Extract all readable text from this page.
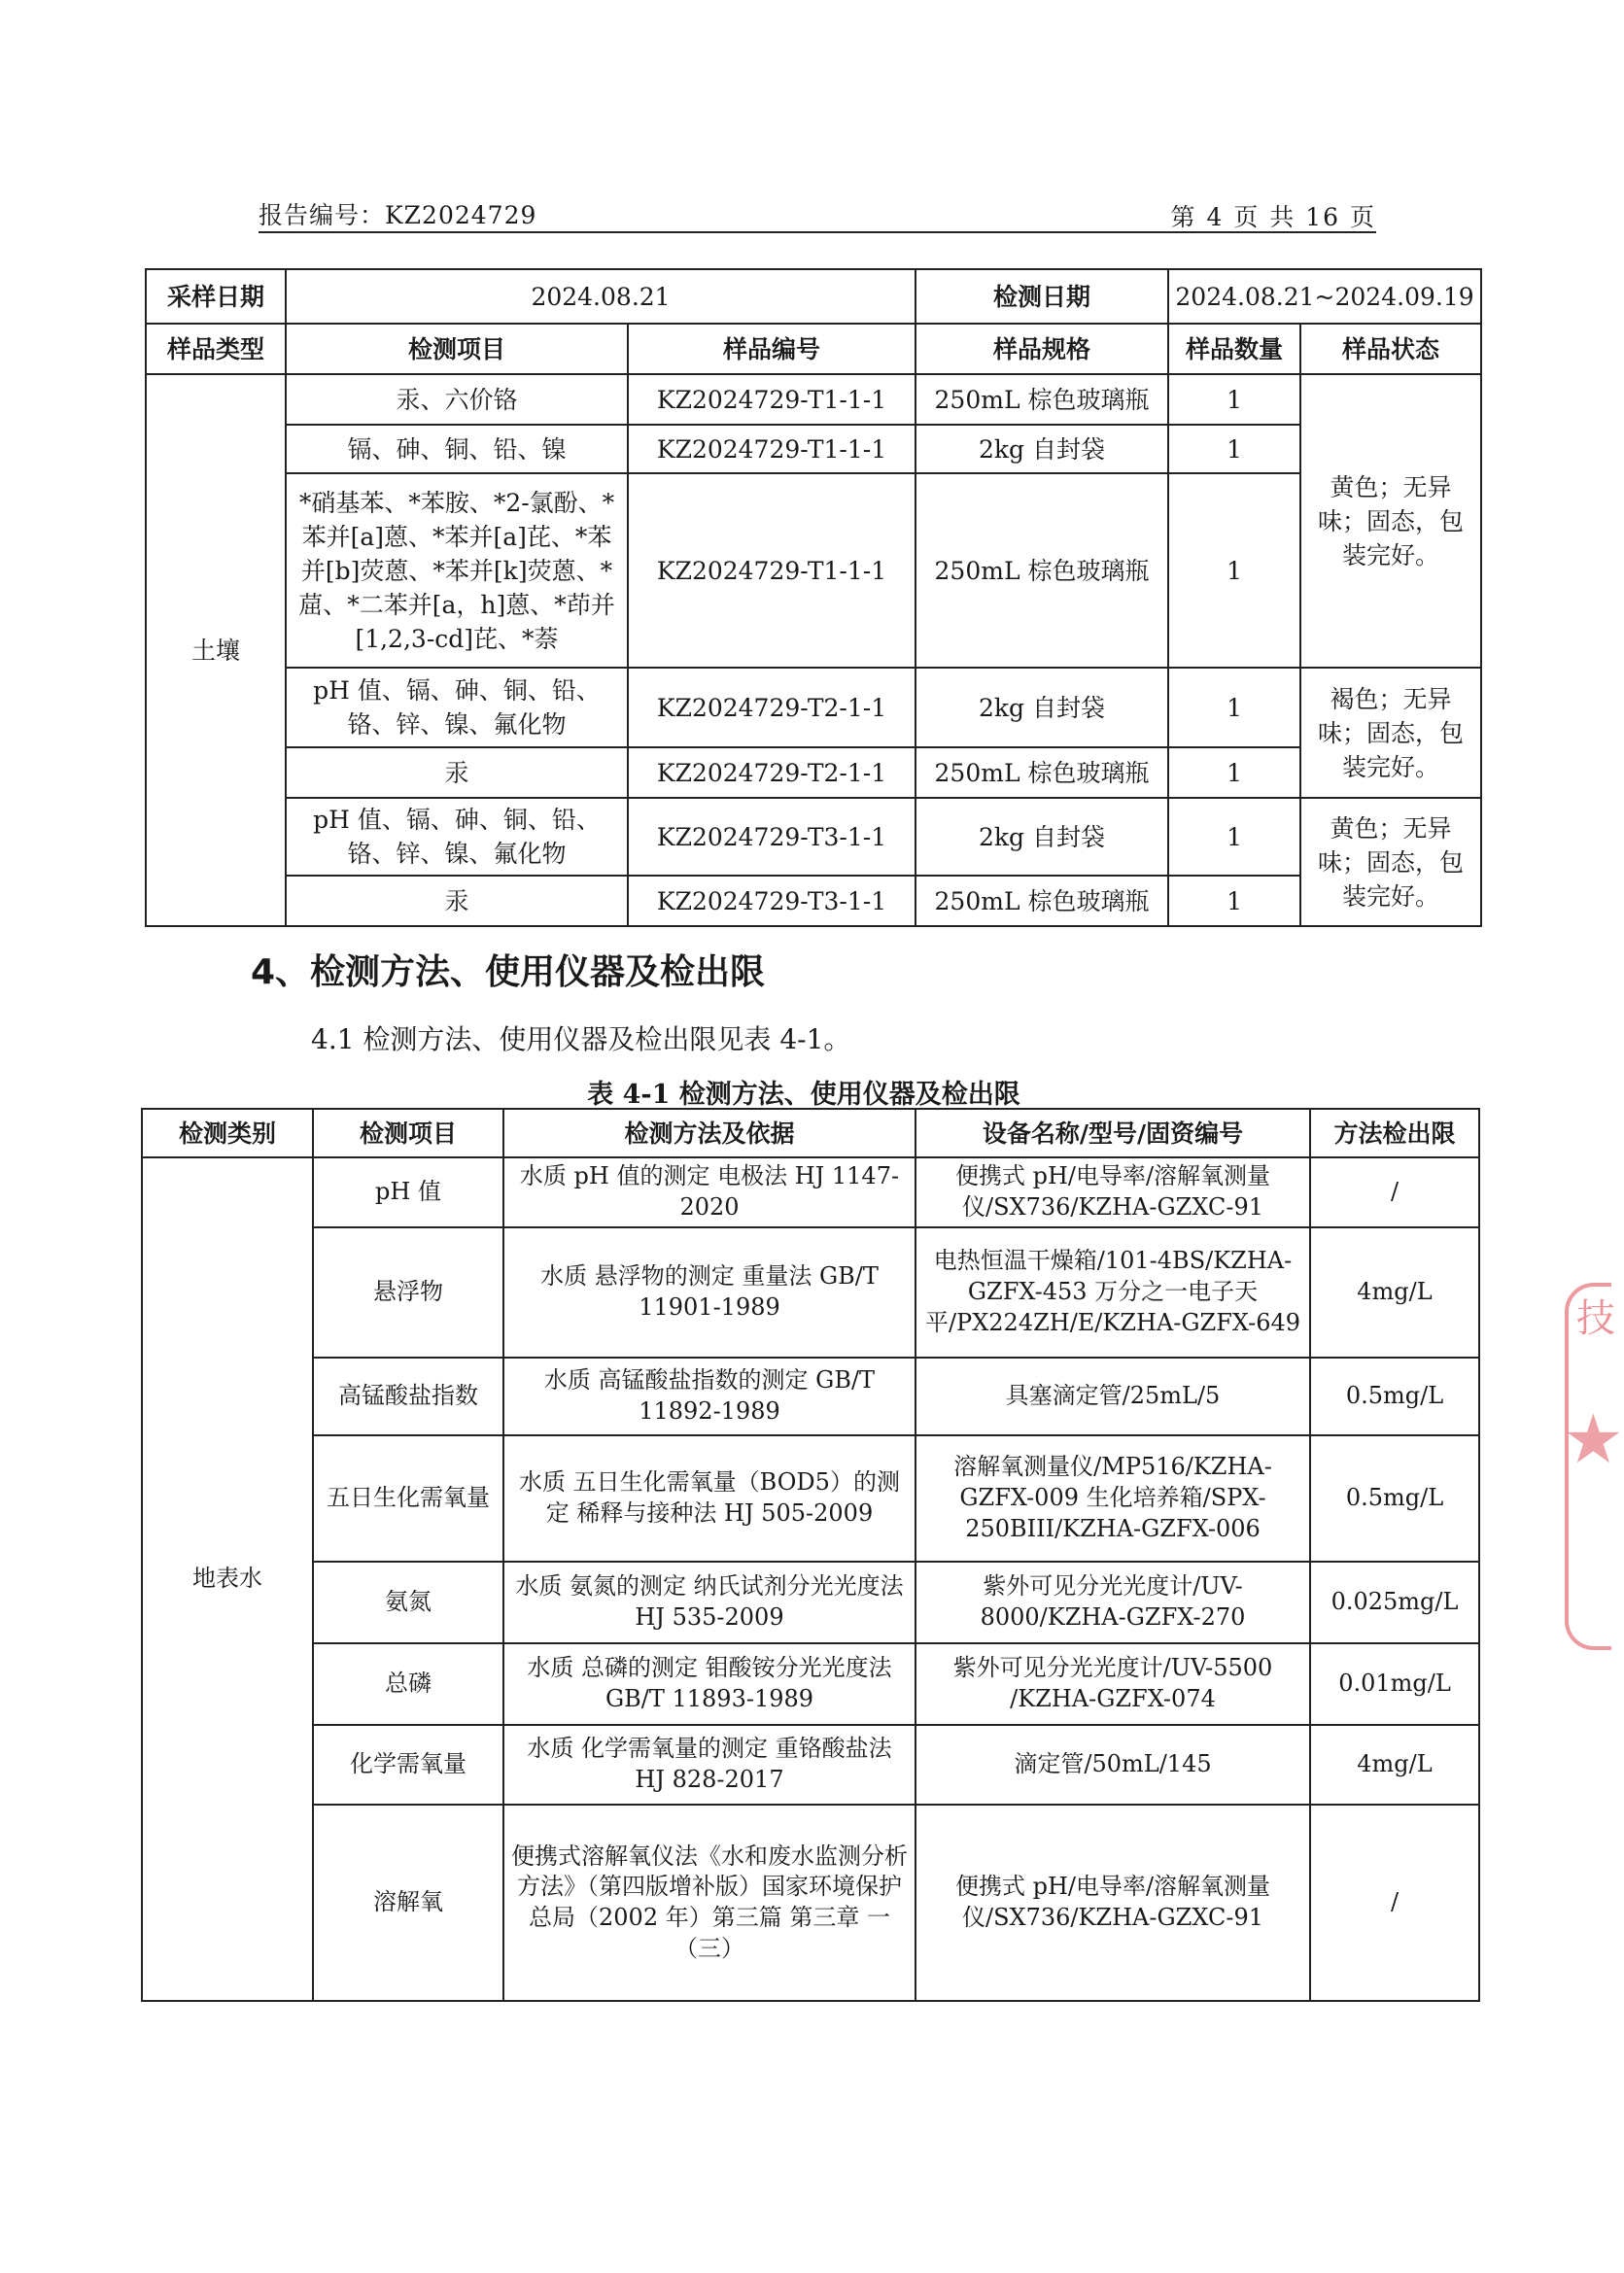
报告编号：KZ2024729	第 4 页 共 16 页
采样日期	2024.08.21		检测日期	2024.08.21~2024.09.19	
样品类型	检测项目	样品编号	样品规格	样品数量	样品状态
土壤	汞、六价铬	KZ2024729-T1-1-1	250mL 棕色玻璃瓶	1	黄色；无异味；固态，包装完好。
	镉、砷、铜、铅、镍	KZ2024729-T1-1-1	2kg 自封袋	1	
	*硝基苯、*苯胺、*2-氯酚、*苯并[a]蒽、*苯并[a]芘、*苯并[b]荧蒽、*苯并[k]荧蒽、*䓛、*二苯并[a，h]蒽、*茚并[1,2,3-cd]芘、*萘	KZ2024729-T1-1-1	250mL 棕色玻璃瓶	1	
	pH 值、镉、砷、铜、铅、铬、锌、镍、氟化物	KZ2024729-T2-1-1	2kg 自封袋	1	褐色；无异味；固态，包装完好。
	汞	KZ2024729-T2-1-1	250mL 棕色玻璃瓶	1	
	pH 值、镉、砷、铜、铅、铬、锌、镍、氟化物	KZ2024729-T3-1-1	2kg 自封袋	1	黄色；无异味；固态，包装完好。
	汞	KZ2024729-T3-1-1	250mL 棕色玻璃瓶	1	
4、检测方法、使用仪器及检出限
4.1 检测方法、使用仪器及检出限见表 4-1。
表 4-1 检测方法、使用仪器及检出限
检测类别	检测项目	检测方法及依据	设备名称/型号/固资编号	方法检出限
地表水	pH 值	水质 pH 值的测定 电极法 HJ 1147-2020	便携式 pH/电导率/溶解氧测量仪/SX736/KZHA-GZXC-91	/
	悬浮物	水质 悬浮物的测定 重量法 GB/T 11901-1989	电热恒温干燥箱/101-4BS/KZHA-GZFX-453 万分之一电子天平/PX224ZH/E/KZHA-GZFX-649	4mg/L
	高锰酸盐指数	水质 高锰酸盐指数的测定 GB/T 11892-1989	具塞滴定管/25mL/5	0.5mg/L
	五日生化需氧量	水质 五日生化需氧量（BOD5）的测定 稀释与接种法 HJ 505-2009	溶解氧测量仪/MP516/KZHA-GZFX-009 生化培养箱/SPX-250BIII/KZHA-GZFX-006	0.5mg/L
	氨氮	水质 氨氮的测定 纳氏试剂分光光度法 HJ 535-2009	紫外可见分光光度计/UV-8000/KZHA-GZFX-270	0.025mg/L
	总磷	水质 总磷的测定 钼酸铵分光光度法 GB/T 11893-1989	紫外可见分光光度计/UV-5500 /KZHA-GZFX-074	0.01mg/L
	化学需氧量	水质 化学需氧量的测定 重铬酸盐法 HJ 828-2017	滴定管/50mL/145	4mg/L
	溶解氧	便携式溶解氧仪法《水和废水监测分析方法》（第四版增补版）国家环境保护总局（2002 年）第三篇 第三章 一（三）	便携式 pH/电导率/溶解氧测量仪/SX736/KZHA-GZXC-91	/
技
★
